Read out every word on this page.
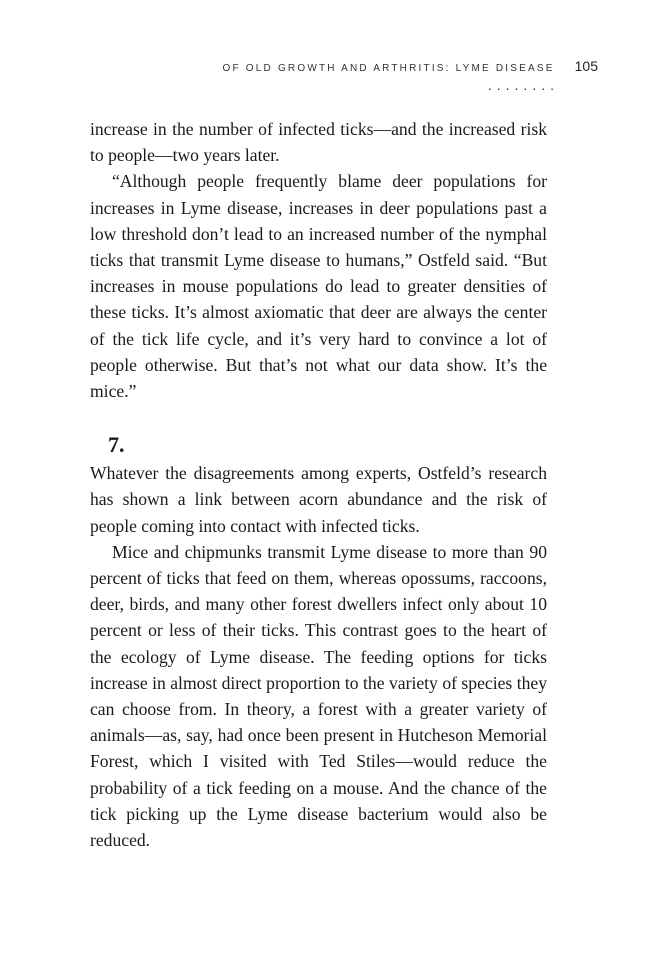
OF OLD GROWTH AND ARTHRITIS: LYME DISEASE 105
........

increase in the number of infected ticks—and the increased risk to people—two years later.

“Although people frequently blame deer populations for increases in Lyme disease, increases in deer populations past a low threshold don’t lead to an increased number of the nymphal ticks that transmit Lyme disease to humans,” Ostfeld said. “But increases in mouse populations do lead to greater densities of these ticks. It’s almost axiomatic that deer are always the center of the tick life cycle, and it’s very hard to convince a lot of people otherwise. But that’s not what our data show. It’s the mice.”

7.

Whatever the disagreements among experts, Ostfeld’s research has shown a link between acorn abundance and the risk of people coming into contact with infected ticks.

Mice and chipmunks transmit Lyme disease to more than 90 percent of ticks that feed on them, whereas opossums, raccoons, deer, birds, and many other forest dwellers infect only about 10 percent or less of their ticks. This contrast goes to the heart of the ecology of Lyme disease. The feeding options for ticks increase in almost direct proportion to the variety of species they can choose from. In theory, a forest with a greater variety of animals—as, say, had once been present in Hutcheson Memorial Forest, which I visited with Ted Stiles—would reduce the probability of a tick feeding on a mouse. And the chance of the tick picking up the Lyme disease bacterium would also be reduced.
